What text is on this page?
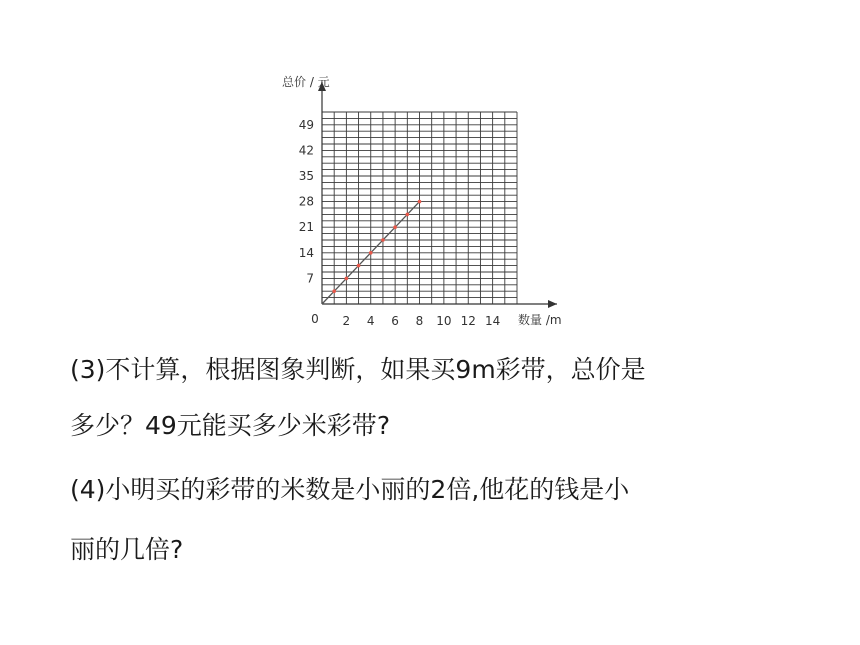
7
14
21
28
35
42
49
2 4 6 8 10 12 14
0
总价 / 元
数量 /m
(3)不计算，根据图象判断，如果买9m彩带，总价是
多少？49元能买多少米彩带?
(4)小明买的彩带的米数是小丽的2倍,他花的钱是小
丽的几倍?
